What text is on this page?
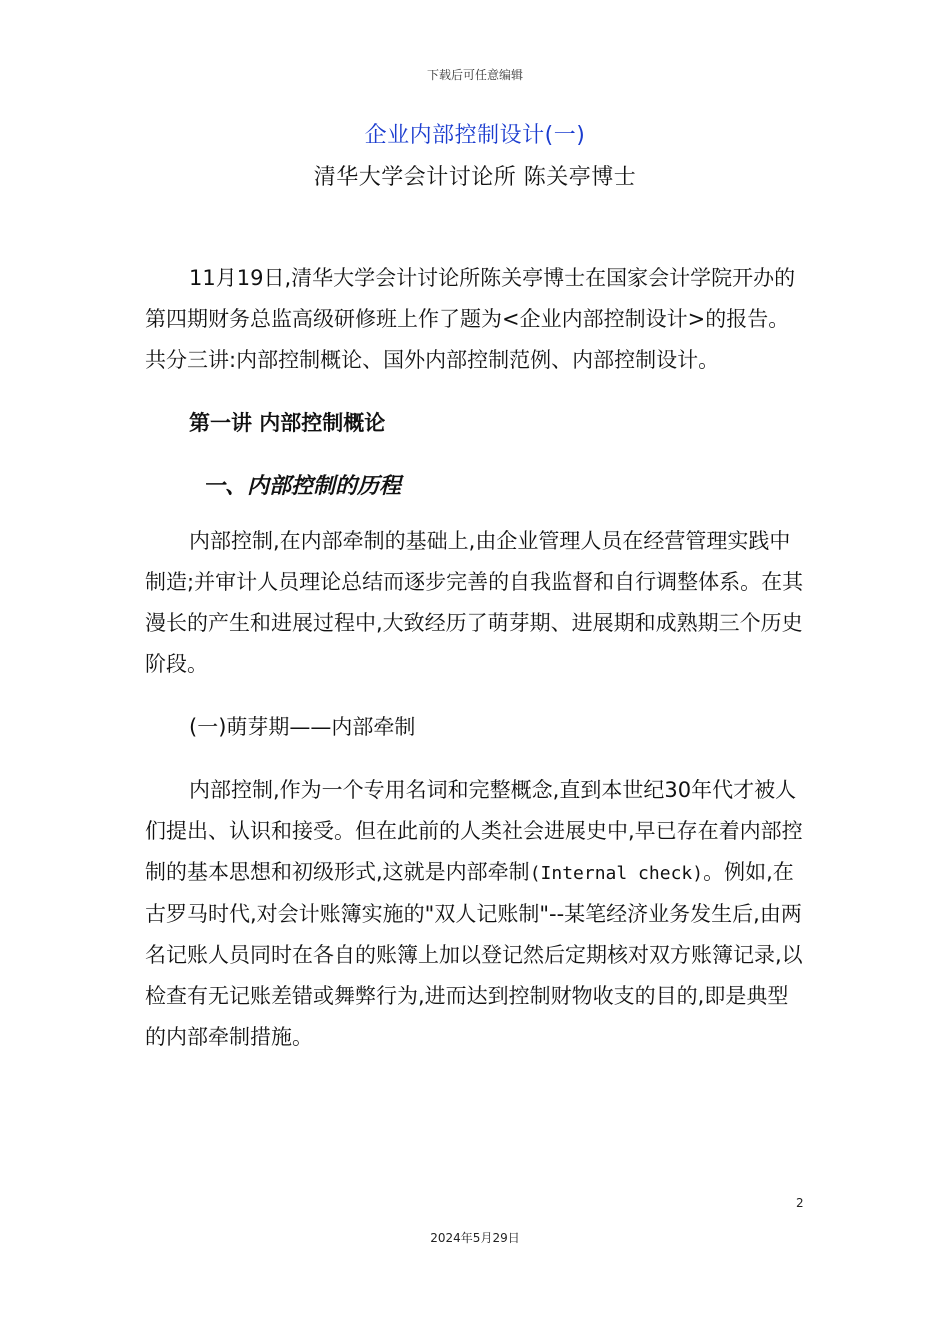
下载后可任意编辑
企业内部控制设计(一)
清华大学会计讨论所 陈关亭博士

11月19日,清华大学会计讨论所陈关亭博士在国家会计学院开办的第四期财务总监高级研修班上作了题为<企业内部控制设计>的报告。共分三讲:内部控制概论、国外内部控制范例、内部控制设计。

第一讲 内部控制概论

一、内部控制的历程

内部控制,在内部牵制的基础上,由企业管理人员在经营管理实践中制造;并审计人员理论总结而逐步完善的自我监督和自行调整体系。在其漫长的产生和进展过程中,大致经历了萌芽期、进展期和成熟期三个历史阶段。

(一)萌芽期——内部牵制

内部控制,作为一个专用名词和完整概念,直到本世纪30年代才被人们提出、认识和接受。但在此前的人类社会进展史中,早已存在着内部控制的基本思想和初级形式,这就是内部牵制(Internal check)。例如,在古罗马时代,对会计账簿实施的"双人记账制"--某笔经济业务发生后,由两名记账人员同时在各自的账簿上加以登记然后定期核对双方账簿记录,以检查有无记账差错或舞弊行为,进而达到控制财物收支的目的,即是典型的内部牵制措施。

2
2024年5月29日
